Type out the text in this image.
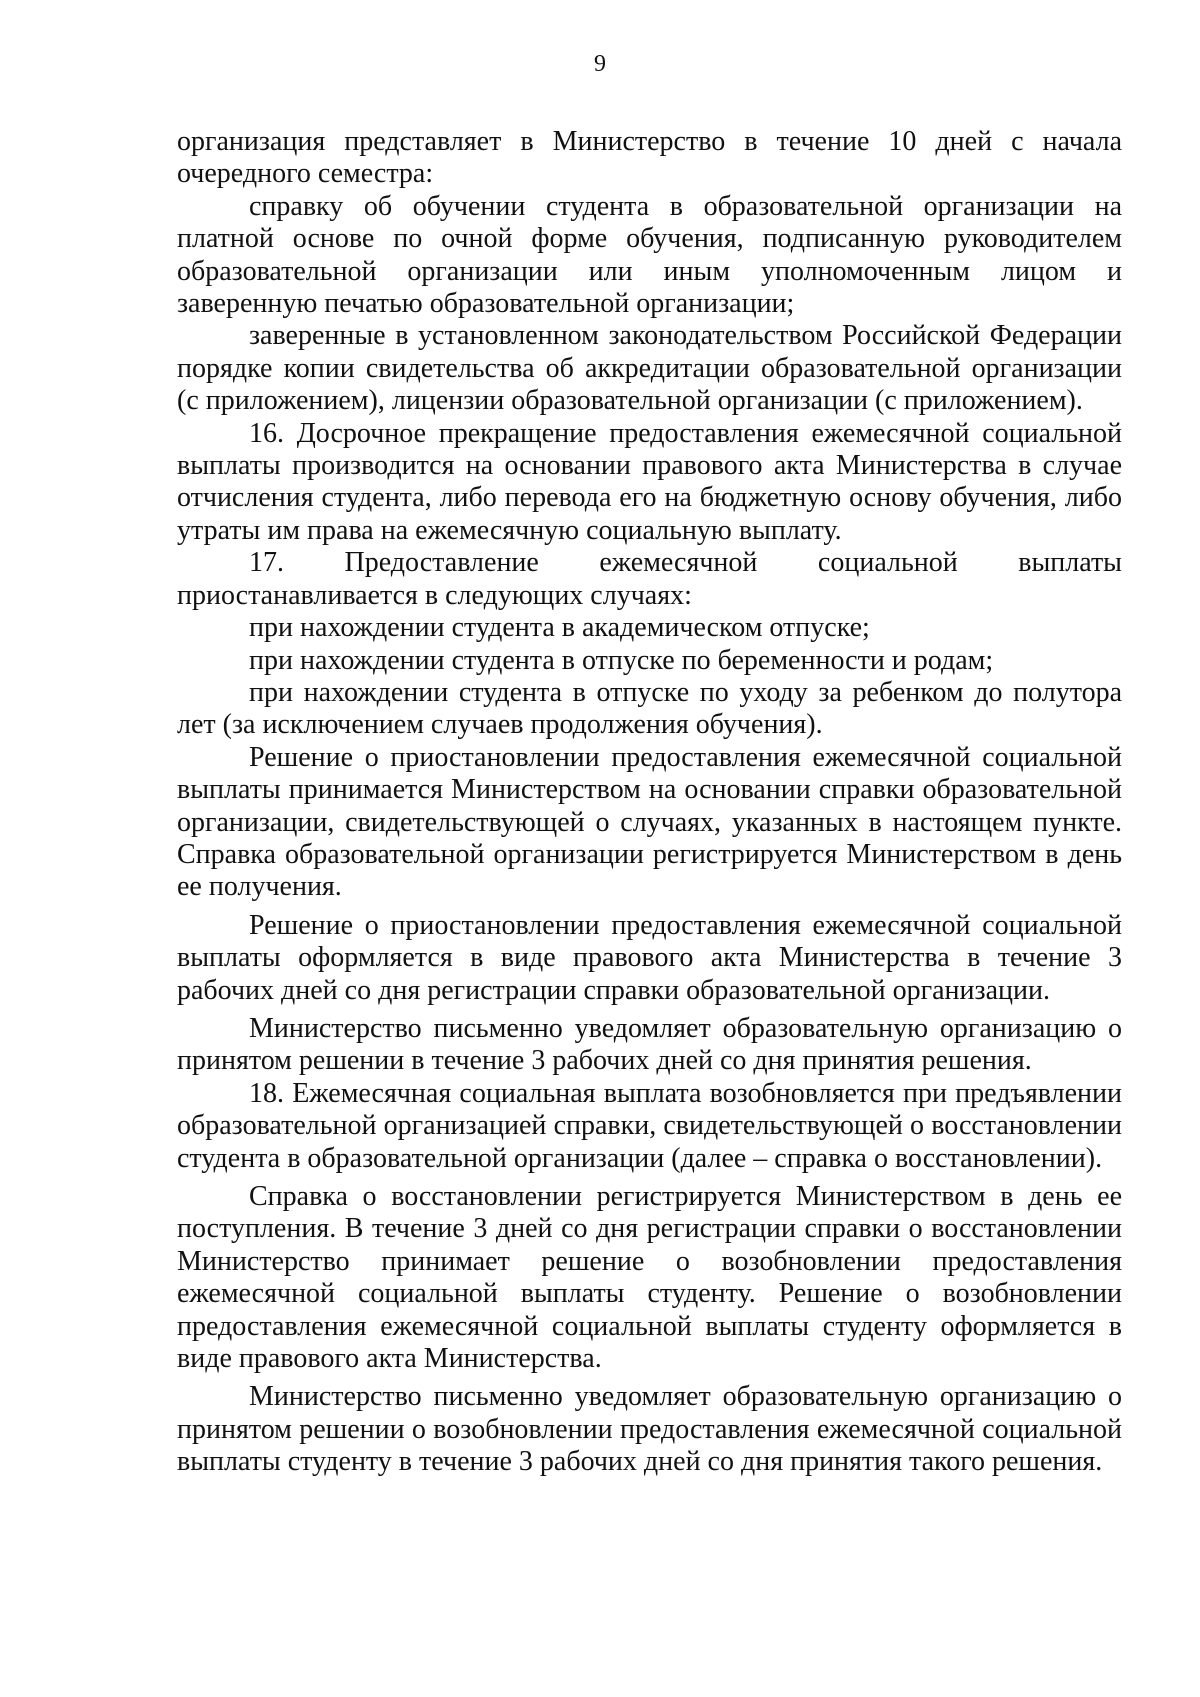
9

организация представляет в Министерство в течение 10 дней с начала очередного семестра:

справку об обучении студента в образовательной организации на платной основе по очной форме обучения, подписанную руководителем образовательной организации или иным уполномоченным лицом и заверенную печатью образовательной организации;

заверенные в установленном законодательством Российской Федерации порядке копии свидетельства об аккредитации образовательной организации (с приложением), лицензии образовательной организации (с приложением).

16. Досрочное прекращение предоставления ежемесячной социальной выплаты производится на основании правового акта Министерства в случае отчисления студента, либо перевода его на бюджетную основу обучения, либо утраты им права на ежемесячную социальную выплату.

17. Предоставление ежемесячной социальной выплаты приостанавливается в следующих случаях:

при нахождении студента в академическом отпуске;

при нахождении студента в отпуске по беременности и родам;

при нахождении студента в отпуске по уходу за ребенком до полутора лет (за исключением случаев продолжения обучения).

Решение о приостановлении предоставления ежемесячной социальной выплаты принимается Министерством на основании справки образовательной организации, свидетельствующей о случаях, указанных в настоящем пункте. Справка образовательной организации регистрируется Министерством в день ее получения.

Решение о приостановлении предоставления ежемесячной социальной выплаты оформляется в виде правового акта Министерства в течение 3 рабочих дней со дня регистрации справки образовательной организации.

Министерство письменно уведомляет образовательную организацию о принятом решении в течение 3 рабочих дней со дня принятия решения.

18. Ежемесячная социальная выплата возобновляется при предъявлении образовательной организацией справки, свидетельствующей о восстановлении студента в образовательной организации (далее – справка о восстановлении).

Справка о восстановлении регистрируется Министерством в день ее поступления. В течение 3 дней со дня регистрации справки о восстановлении Министерство принимает решение о возобновлении предоставления ежемесячной социальной выплаты студенту. Решение о возобновлении предоставления ежемесячной социальной выплаты студенту оформляется в виде правового акта Министерства.

Министерство письменно уведомляет образовательную организацию о принятом решении о возобновлении предоставления ежемесячной социальной выплаты студенту в течение 3 рабочих дней со дня принятия такого решения.
